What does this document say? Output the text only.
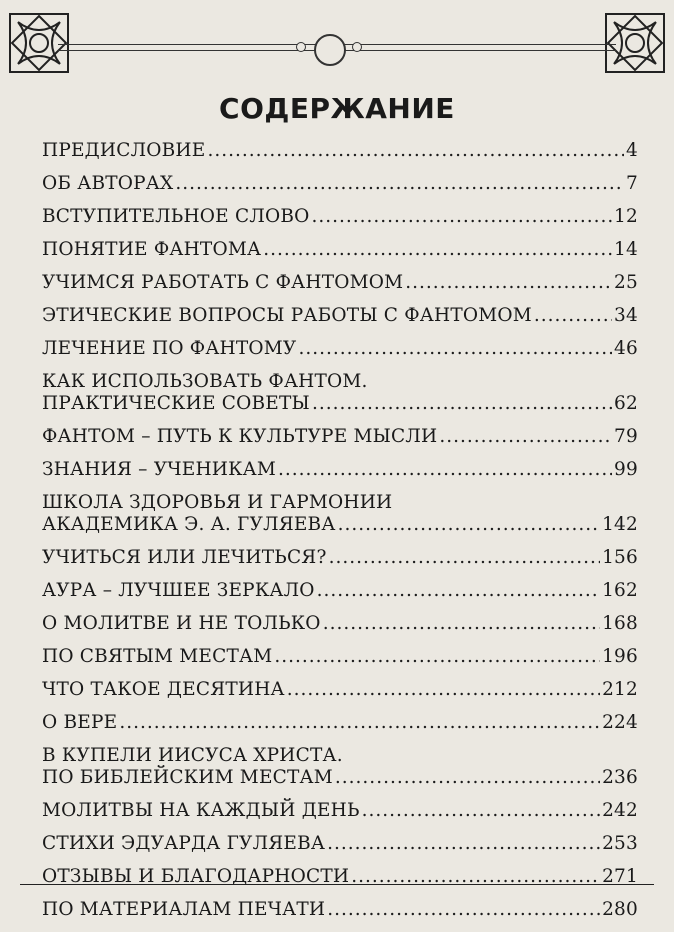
СОДЕРЖАНИЕ
ПРЕДИСЛОВИЕ .....	4
ОБ АВТОРАХ .....	7
ВСТУПИТЕЛЬНОЕ СЛОВО .....	12
ПОНЯТИЕ ФАНТОМА .....	14
УЧИМСЯ РАБОТАТЬ С ФАНТОМОМ .....	25
ЭТИЧЕСКИЕ ВОПРОСЫ РАБОТЫ С ФАНТОМОМ .....	34
ЛЕЧЕНИЕ ПО ФАНТОМУ .....	46
КАК ИСПОЛЬЗОВАТЬ ФАНТОМ.
ПРАКТИЧЕСКИЕ СОВЕТЫ .....	62
ФАНТОМ – ПУТЬ К КУЛЬТУРЕ МЫСЛИ .....	79
ЗНАНИЯ – УЧЕНИКАМ .....	99
ШКОЛА ЗДОРОВЬЯ И ГАРМОНИИ
АКАДЕМИКА Э. А. ГУЛЯЕВА .....	142
УЧИТЬСЯ ИЛИ ЛЕЧИТЬСЯ? .....	156
АУРА – ЛУЧШЕЕ ЗЕРКАЛО .....	162
О МОЛИТВЕ И НЕ ТОЛЬКО .....	168
ПО СВЯТЫМ МЕСТАМ .....	196
ЧТО ТАКОЕ ДЕСЯТИНА .....	212
О ВЕРЕ .....	224
В КУПЕЛИ ИИСУСА ХРИСТА.
ПО БИБЛЕЙСКИМ МЕСТАМ .....	236
МОЛИТВЫ НА КАЖДЫЙ ДЕНЬ .....	242
СТИХИ ЭДУАРДА ГУЛЯЕВА .....	253
ОТЗЫВЫ И БЛАГОДАРНОСТИ .....	271
ПО МАТЕРИАЛАМ ПЕЧАТИ .....	280
